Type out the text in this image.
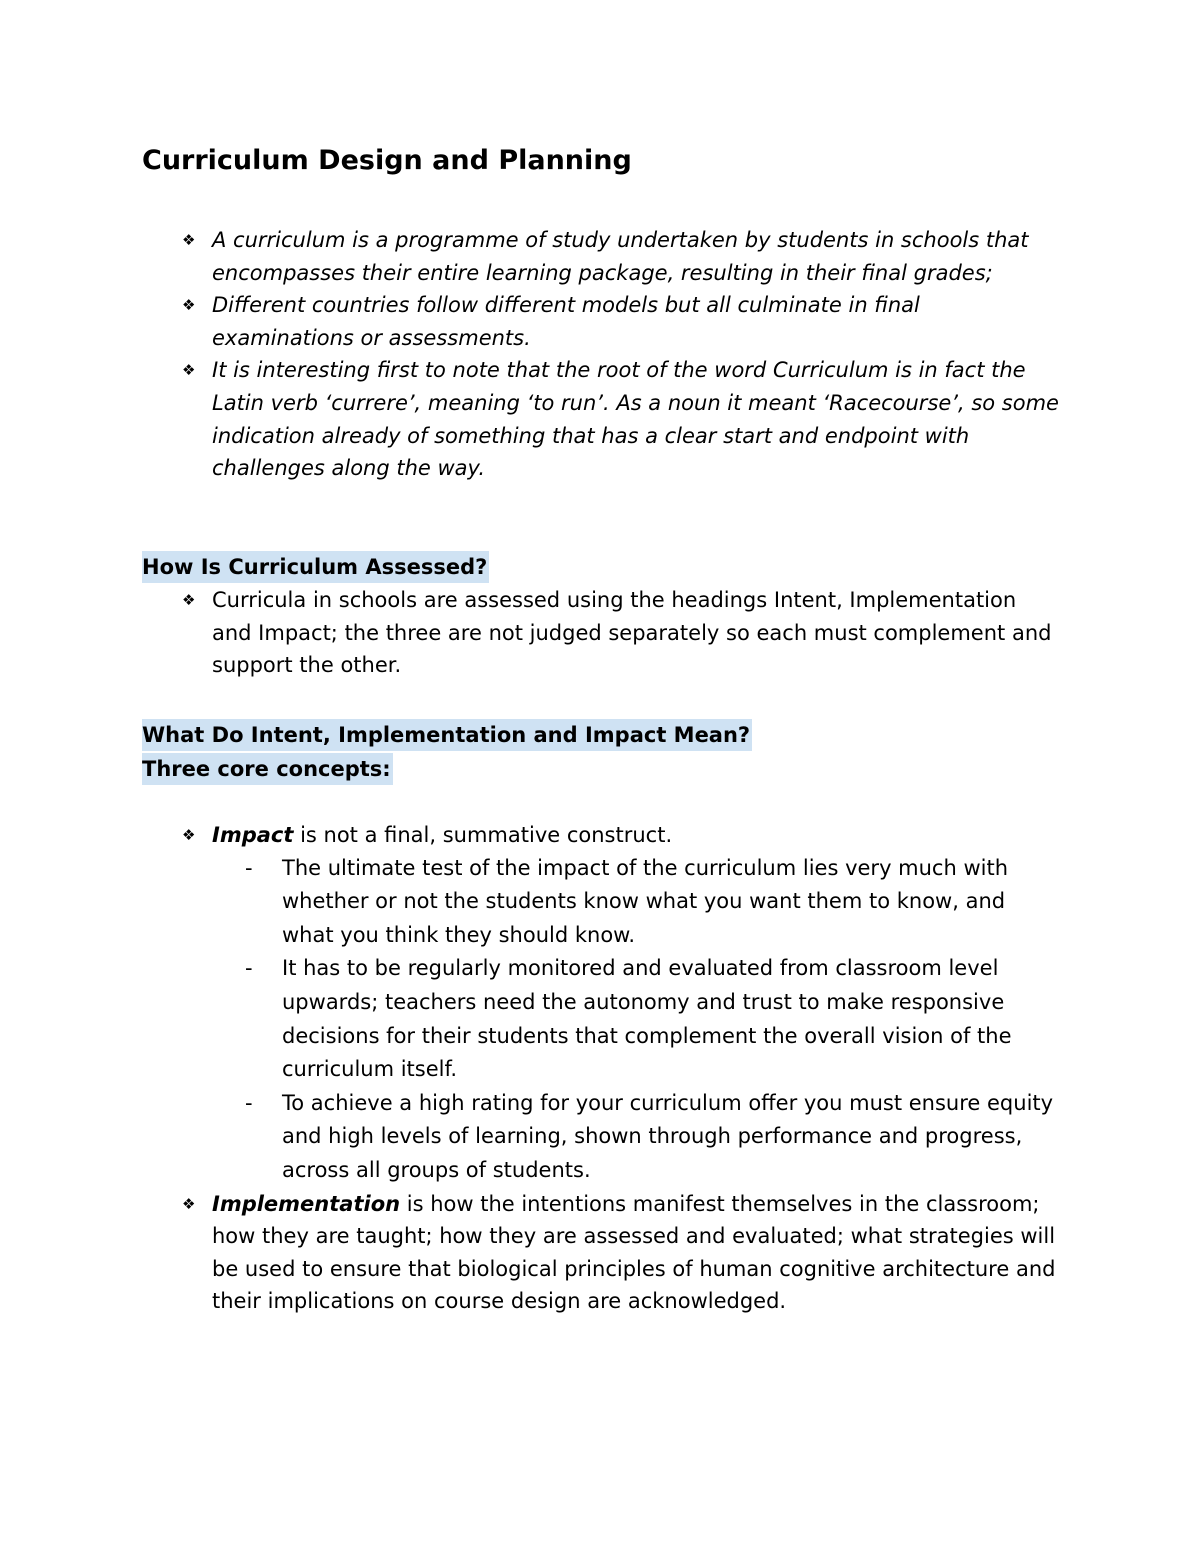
Curriculum Design and Planning
❖ A curriculum is a programme of study undertaken by students in schools that encompasses their entire learning package, resulting in their final grades;
❖ Different countries follow different models but all culminate in final examinations or assessments.
❖ It is interesting first to note that the root of the word Curriculum is in fact the Latin verb ‘currere’, meaning ‘to run’. As a noun it meant ‘Racecourse’, so some indication already of something that has a clear start and endpoint with challenges along the way.
How Is Curriculum Assessed?
❖ Curricula in schools are assessed using the headings Intent, Implementation and Impact; the three are not judged separately so each must complement and support the other.
What Do Intent, Implementation and Impact Mean?
Three core concepts:
❖ Impact is not a final, summative construct.
- The ultimate test of the impact of the curriculum lies very much with whether or not the students know what you want them to know, and what you think they should know.
- It has to be regularly monitored and evaluated from classroom level upwards; teachers need the autonomy and trust to make responsive decisions for their students that complement the overall vision of the curriculum itself.
- To achieve a high rating for your curriculum offer you must ensure equity and high levels of learning, shown through performance and progress, across all groups of students.
❖ Implementation is how the intentions manifest themselves in the classroom; how they are taught; how they are assessed and evaluated; what strategies will be used to ensure that biological principles of human cognitive architecture and their implications on course design are acknowledged.
